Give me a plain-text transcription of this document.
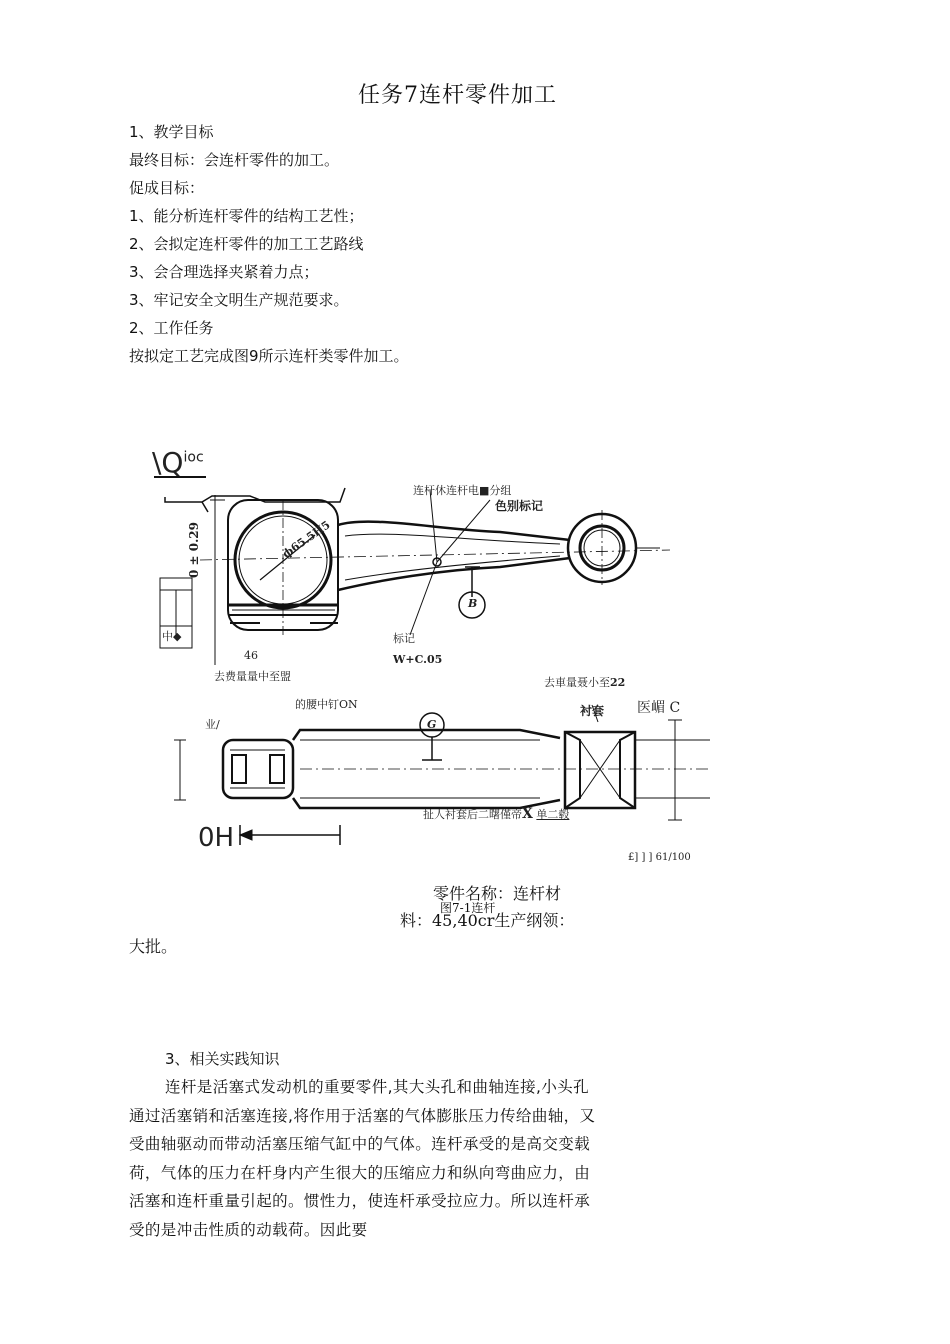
任务7连杆零件加工
1、教学目标
最终目标：会连杆零件的加工。
促成目标：
1、能分析连杆零件的结构工艺性；
2、会拟定连杆零件的加工工艺路线
3、会合理选择夹紧着力点；
3、牢记安全文明生产规范要求。
2、工作任务
按拟定工艺完成图9所示连杆类零件加工。
$\backslash Q^{ioc}$
连杆休连杆电■分组
色别标记
0 ± 0.29	ϕ65.5H5
B
标记
46	W+C.05
去费量量中至盟	去車量聂小至22
中◆
的腰中钉ON	医嵋 C
业/	G
衬套
扯人衬套后二曙僅帝X 单二毂
0H
£] ] ] 61/100
零件名称：连杆材
图7-1连杆
料：45,40cr生产纲领：
大批。
3、相关实践知识
连杆是活塞式发动机的重要零件,其大头孔和曲轴连接,小头孔通过活塞销和活塞连接,将作用于活塞的气体膨胀压力传给曲轴，又受曲轴驱动而带动活塞压缩气缸中的气体。连杆承受的是高交变载荷，气体的压力在杆身内产生很大的压缩应力和纵向弯曲应力，由活塞和连杆重量引起的。惯性力，使连杆承受拉应力。所以连杆承受的是冲击性质的动载荷。因此要
